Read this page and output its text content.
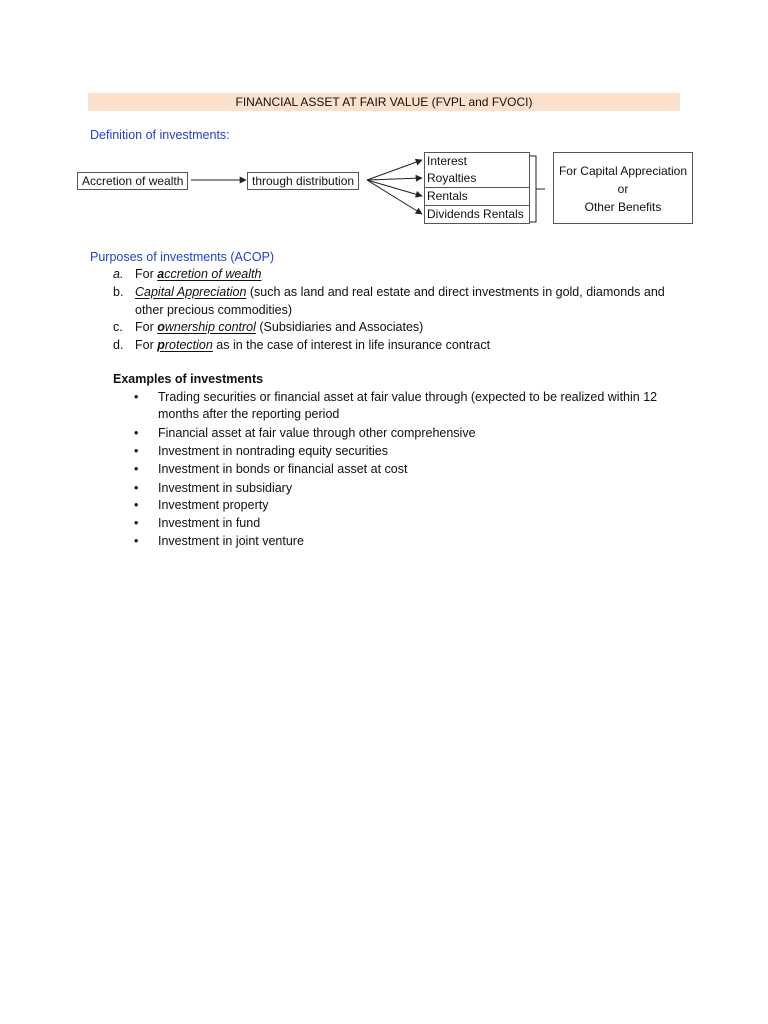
FINANCIAL ASSET AT FAIR VALUE (FVPL and FVOCI)
Definition of investments:
Accretion of wealth	through distribution
Interest
Royalties
Rentals
Dividends Rentals
For Capital Appreciation
or
Other Benefits
Purposes of investments (ACOP)
a. For accretion of wealth
b. Capital Appreciation (such as land and real estate and direct investments in gold, diamonds and
other precious commodities)
c. For ownership control (Subsidiaries and Associates)
d. For protection as in the case of interest in life insurance contract
Examples of investments
• Trading securities or financial asset at fair value through (expected to be realized within 12
months after the reporting period
• Financial asset at fair value through other comprehensive
• Investment in nontrading equity securities
• Investment in bonds or financial asset at cost
• Investment in subsidiary
• Investment property
• Investment in fund
• Investment in joint venture
